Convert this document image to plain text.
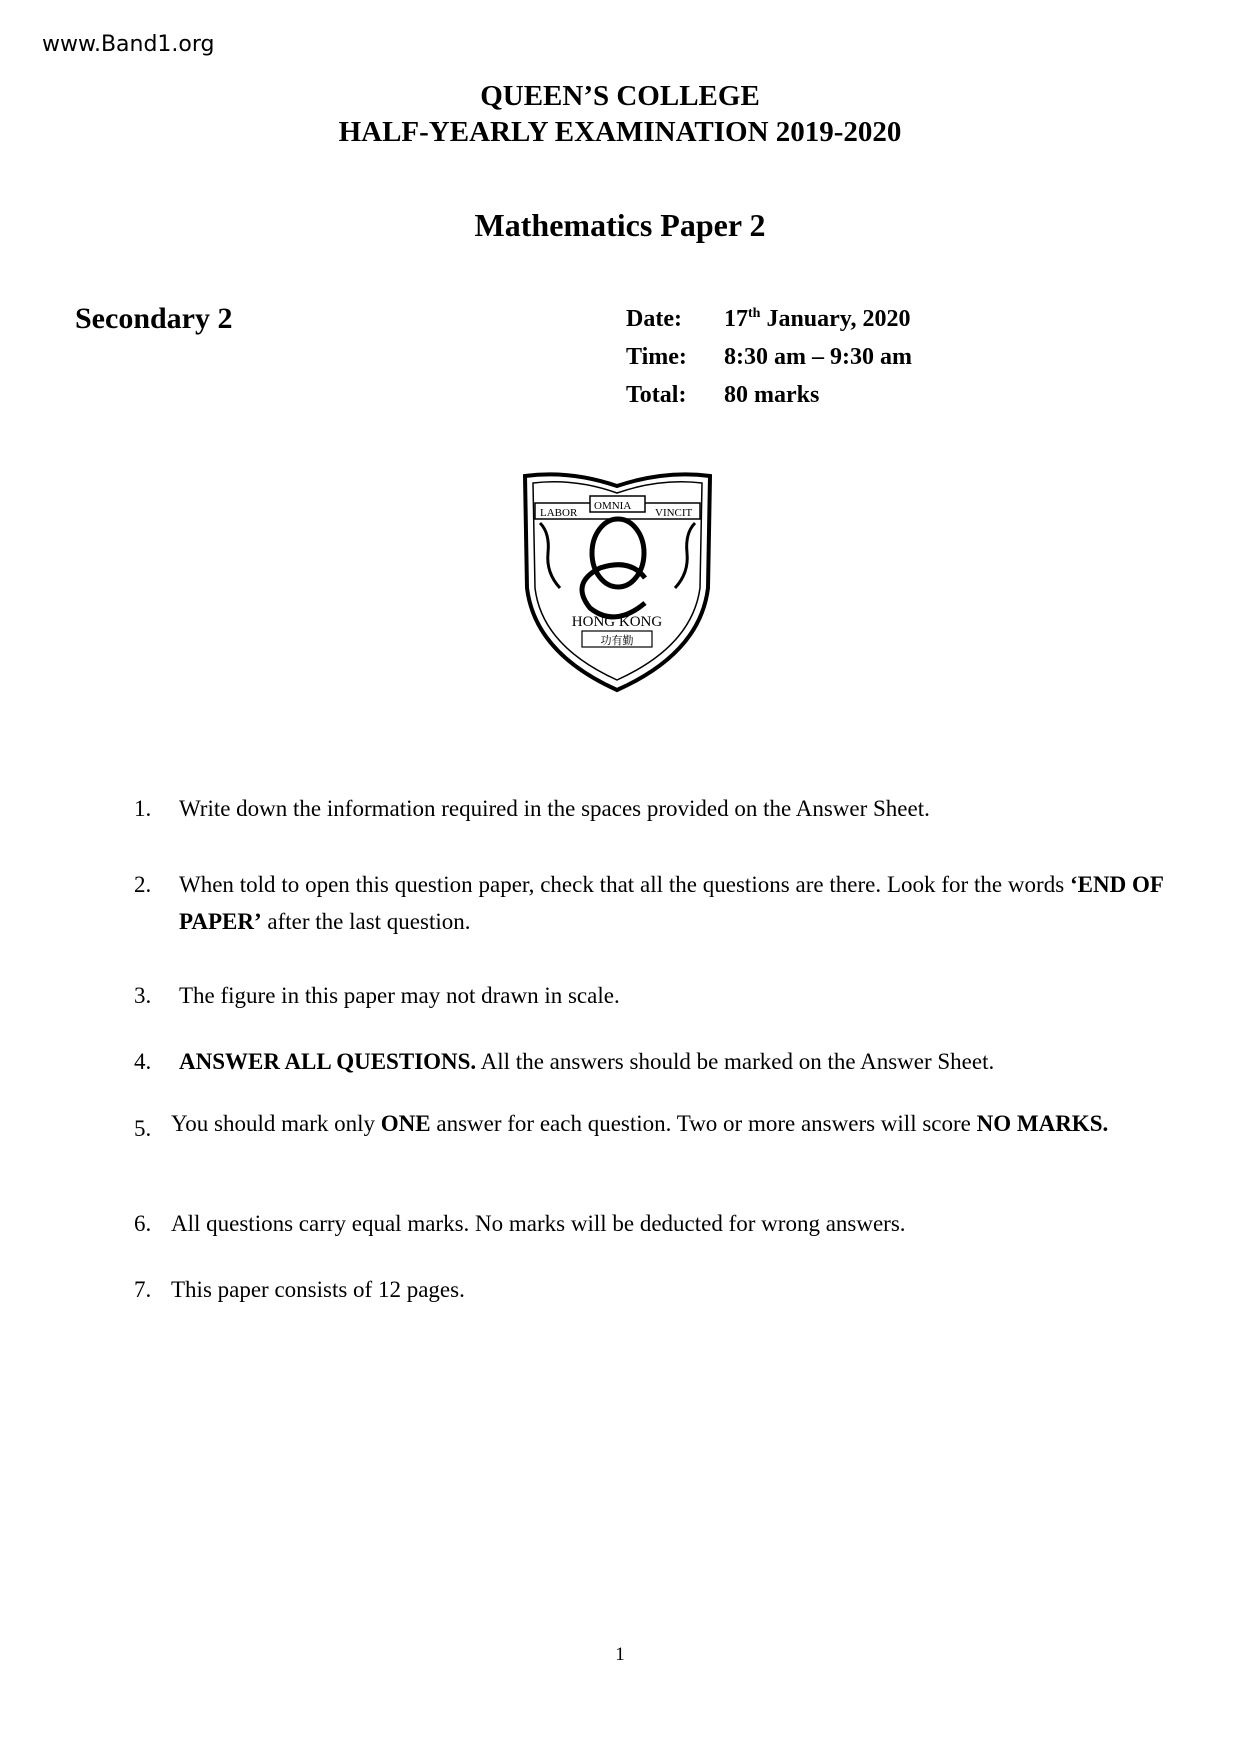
www.Band1.org
QUEEN’S COLLEGE
HALF-YEARLY EXAMINATION 2019-2020
Mathematics Paper 2
Secondary 2	Date: 17th January, 2020
Time: 8:30 am – 9:30 am
Total: 80 marks
LABOR
OMNIA
VINCIT
HONG KONG
功有勤
1. Write down the information required in the spaces provided on the Answer Sheet.
2. When told to open this question paper, check that all the questions are there. Look for the words ‘END OF PAPER’ after the last question.
3. The figure in this paper may not drawn in scale.
4. ANSWER ALL QUESTIONS. All the answers should be marked on the Answer Sheet.
5. You should mark only ONE answer for each question. Two or more answers will score NO MARKS.
6. All questions carry equal marks. No marks will be deducted for wrong answers.
7. This paper consists of 12 pages.
1
